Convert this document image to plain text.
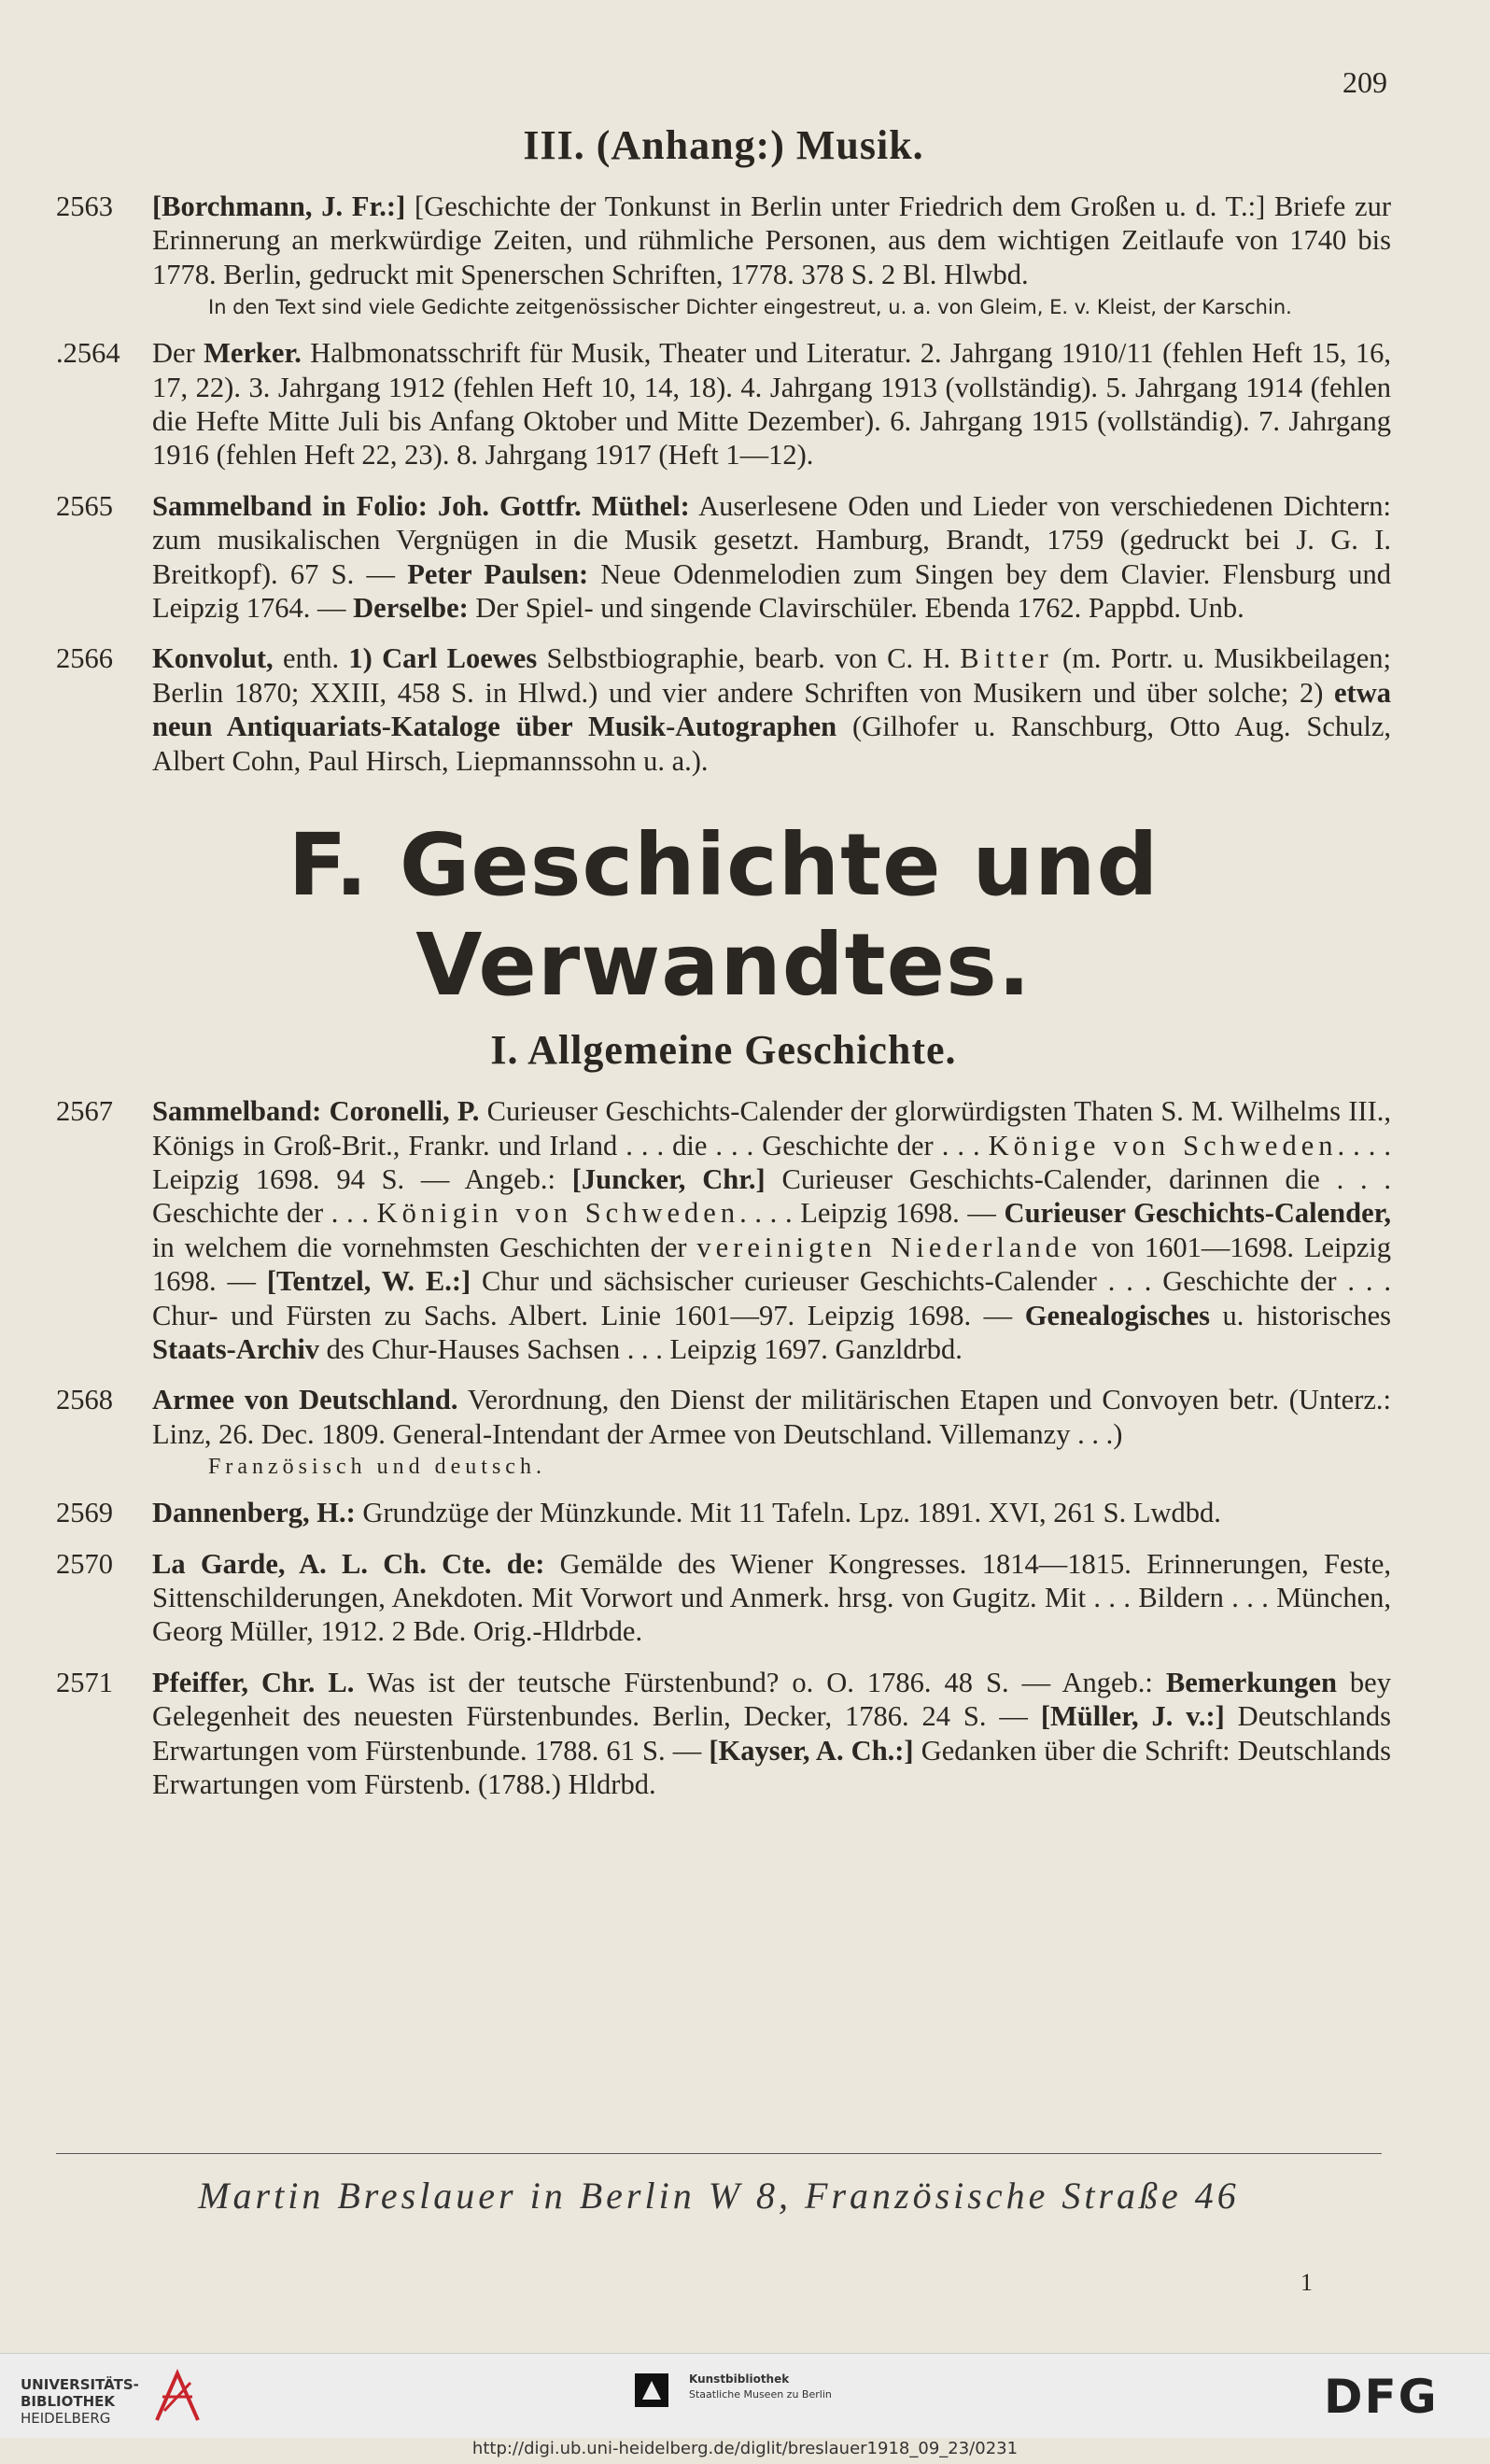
209
III. (Anhang:) Musik.
2563	[Borchmann, J. Fr.:] [Geschichte der Tonkunst in Berlin unter Friedrich dem Großen u. d. T.:] Briefe zur Erinnerung an merkwürdige Zeiten, und rühmliche Personen, aus dem wichtigen Zeitlaufe von 1740 bis 1778. Berlin, gedruckt mit Spenerschen Schriften, 1778. 378 S. 2 Bl. Hlwbd.
In den Text sind viele Gedichte zeitgenössischer Dichter eingestreut, u. a. von Gleim, E. v. Kleist, der Karschin.
.2564	Der Merker. Halbmonatsschrift für Musik, Theater und Literatur. 2. Jahrgang 1910/11 (fehlen Heft 15, 16, 17, 22). 3. Jahrgang 1912 (fehlen Heft 10, 14, 18). 4. Jahrgang 1913 (vollständig). 5. Jahrgang 1914 (fehlen die Hefte Mitte Juli bis Anfang Oktober und Mitte Dezember). 6. Jahrgang 1915 (vollständig). 7. Jahrgang 1916 (fehlen Heft 22, 23). 8. Jahrgang 1917 (Heft 1—12).
2565	Sammelband in Folio: Joh. Gottfr. Müthel: Auserlesene Oden und Lieder von verschiedenen Dichtern: zum musikalischen Vergnügen in die Musik gesetzt. Hamburg, Brandt, 1759 (gedruckt bei J. G. I. Breitkopf). 67 S. — Peter Paulsen: Neue Odenmelodien zum Singen bey dem Clavier. Flensburg und Leipzig 1764. — Derselbe: Der Spiel- und singende Clavirschüler. Ebenda 1762. Pappbd. Unb.
2566	Konvolut, enth. 1) Carl Loewes Selbstbiographie, bearb. von C. H. Bitter (m. Portr. u. Musikbeilagen; Berlin 1870; XXIII, 458 S. in Hlwd.) und vier andere Schriften von Musikern und über solche; 2) etwa neun Antiquariats-Kataloge über Musik-Autographen (Gilhofer u. Ranschburg, Otto Aug. Schulz, Albert Cohn, Paul Hirsch, Liepmannssohn u. a.).
F. Geschichte und Verwandtes.
I. Allgemeine Geschichte.
2567	Sammelband: Coronelli, P. Curieuser Geschichts-Calender der glorwürdigsten Thaten S. M. Wilhelms III., Königs in Groß-Brit., Frankr. und Irland . . . die . . . Geschichte der . . . Könige von Schweden. . . . Leipzig 1698. 94 S. — Angeb.: [Juncker, Chr.] Curieuser Geschichts-Calender, darinnen die . . . Geschichte der . . . Königin von Schweden. . . . Leipzig 1698. — Curieuser Geschichts-Calender, in welchem die vornehmsten Geschichten der vereinigten Niederlande von 1601—1698. Leipzig 1698. — [Tentzel, W. E.:] Chur und sächsischer curieuser Geschichts-Calender . . . Geschichte der . . . Chur- und Fürsten zu Sachs. Albert. Linie 1601—97. Leipzig 1698. — Genealogisches u. historisches Staats-Archiv des Chur-Hauses Sachsen . . . Leipzig 1697. Ganzldrbd.
2568	Armee von Deutschland. Verordnung, den Dienst der militärischen Etapen und Convoyen betr. (Unterz.: Linz, 26. Dec. 1809. General-Intendant der Armee von Deutschland. Villemanzy . . .)
Französisch und deutsch.
2569	Dannenberg, H.: Grundzüge der Münzkunde. Mit 11 Tafeln. Lpz. 1891. XVI, 261 S. Lwdbd.
2570	La Garde, A. L. Ch. Cte. de: Gemälde des Wiener Kongresses. 1814—1815. Erinnerungen, Feste, Sittenschilderungen, Anekdoten. Mit Vorwort und Anmerk. hrsg. von Gugitz. Mit . . . Bildern . . . München, Georg Müller, 1912. 2 Bde. Orig.-Hldrbde.
2571	Pfeiffer, Chr. L. Was ist der teutsche Fürstenbund? o. O. 1786. 48 S. — Angeb.: Bemerkungen bey Gelegenheit des neuesten Fürstenbundes. Berlin, Decker, 1786. 24 S. — [Müller, J. v.:] Deutschlands Erwartungen vom Fürstenbunde. 1788. 61 S. — [Kayser, A. Ch.:] Gedanken über die Schrift: Deutschlands Erwartungen vom Fürstenb. (1788.) Hldrbd.
Martin Breslauer in Berlin W 8, Französische Straße 46
1
UNIVERSITÄTS-
BIBLIOTHEK
HEIDELBERG
Kunstbibliothek
Staatliche Museen zu Berlin	DFG
http://digi.ub.uni-heidelberg.de/diglit/breslauer1918_09_23/0231
